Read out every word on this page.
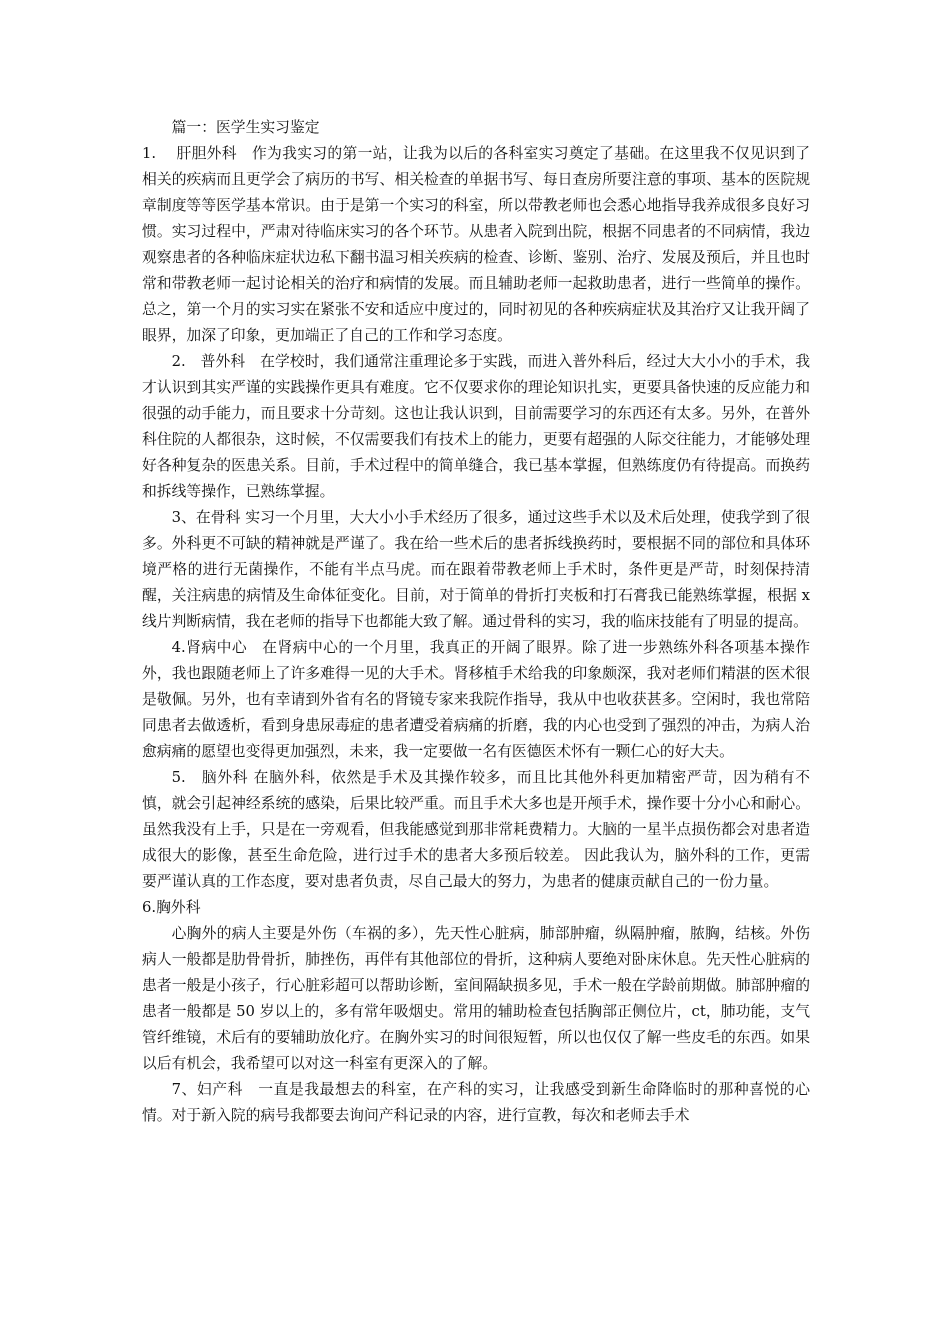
篇一：医学生实习鉴定

1.　 肝胆外科　作为我实习的第一站，让我为以后的各科室实习奠定了基础。在这里我不仅见识到了相关的疾病而且更学会了病历的书写、相关检查的单据书写、每日查房所要注意的事项、基本的医院规章制度等等医学基本常识。由于是第一个实习的科室，所以带教老师也会悉心地指导我养成很多良好习惯。实习过程中，严肃对待临床实习的各个环节。从患者入院到出院，根据不同患者的不同病情，我边观察患者的各种临床症状边私下翻书温习相关疾病的检查、诊断、鉴别、治疗、发展及预后，并且也时常和带教老师一起讨论相关的治疗和病情的发展。而且辅助老师一起救助患者，进行一些简单的操作。总之，第一个月的实习实在紧张不安和适应中度过的，同时初见的各种疾病症状及其治疗又让我开阔了眼界，加深了印象，更加端正了自己的工作和学习态度。

2.　普外科　在学校时，我们通常注重理论多于实践，而进入普外科后，经过大大小小的手术，我才认识到其实严谨的实践操作更具有难度。它不仅要求你的理论知识扎实，更要具备快速的反应能力和很强的动手能力，而且要求十分苛刻。这也让我认识到，目前需要学习的东西还有太多。另外，在普外科住院的人都很杂，这时候，不仅需要我们有技术上的能力，更要有超强的人际交往能力，才能够处理好各种复杂的医患关系。目前，手术过程中的简单缝合，我已基本掌握，但熟练度仍有待提高。而换药和拆线等操作，已熟练掌握。

3、在骨科 实习一个月里，大大小小手术经历了很多，通过这些手术以及术后处理，使我学到了很多。外科更不可缺的精神就是严谨了。我在给一些术后的患者拆线换药时，要根据不同的部位和具体环境严格的进行无菌操作，不能有半点马虎。而在跟着带教老师上手术时，条件更是严苛，时刻保持清醒，关注病患的病情及生命体征变化。目前，对于简单的骨折打夹板和打石膏我已能熟练掌握，根据 x 线片判断病情，我在老师的指导下也都能大致了解。通过骨科的实习，我的临床技能有了明显的提高。

4.肾病中心　在肾病中心的一个月里，我真正的开阔了眼界。除了进一步熟练外科各项基本操作外，我也跟随老师上了许多难得一见的大手术。肾移植手术给我的印象颇深，我对老师们精湛的医术很是敬佩。另外，也有幸请到外省有名的肾镜专家来我院作指导，我从中也收获甚多。空闲时，我也常陪同患者去做透析，看到身患尿毒症的患者遭受着病痛的折磨，我的内心也受到了强烈的冲击，为病人治愈病痛的愿望也变得更加强烈，未来，我一定要做一名有医德医术怀有一颗仁心的好大夫。

5.　脑外科 在脑外科，依然是手术及其操作较多，而且比其他外科更加精密严苛，因为稍有不慎，就会引起神经系统的感染，后果比较严重。而且手术大多也是开颅手术，操作要十分小心和耐心。虽然我没有上手，只是在一旁观看，但我能感觉到那非常耗费精力。大脑的一星半点损伤都会对患者造成很大的影像，甚至生命危险，进行过手术的患者大多预后较差。 因此我认为，脑外科的工作，更需要严谨认真的工作态度，要对患者负责，尽自己最大的努力，为患者的健康贡献自己的一份力量。

6.胸外科

心胸外的病人主要是外伤（车祸的多），先天性心脏病，肺部肿瘤，纵隔肿瘤，脓胸，结核。外伤病人一般都是肋骨骨折，肺挫伤，再伴有其他部位的骨折，这种病人要绝对卧床休息。先天性心脏病的患者一般是小孩子，行心脏彩超可以帮助诊断，室间隔缺损多见，手术一般在学龄前期做。肺部肿瘤的患者一般都是 50 岁以上的，多有常年吸烟史。常用的辅助检查包括胸部正侧位片，ct，肺功能，支气管纤维镜，术后有的要辅助放化疗。在胸外实习的时间很短暂，所以也仅仅了解一些皮毛的东西。如果以后有机会，我希望可以对这一科室有更深入的了解。

7、妇产科　一直是我最想去的科室，在产科的实习，让我感受到新生命降临时的那种喜悦的心情。对于新入院的病号我都要去询问产科记录的内容，进行宣教，每次和老师去手术
